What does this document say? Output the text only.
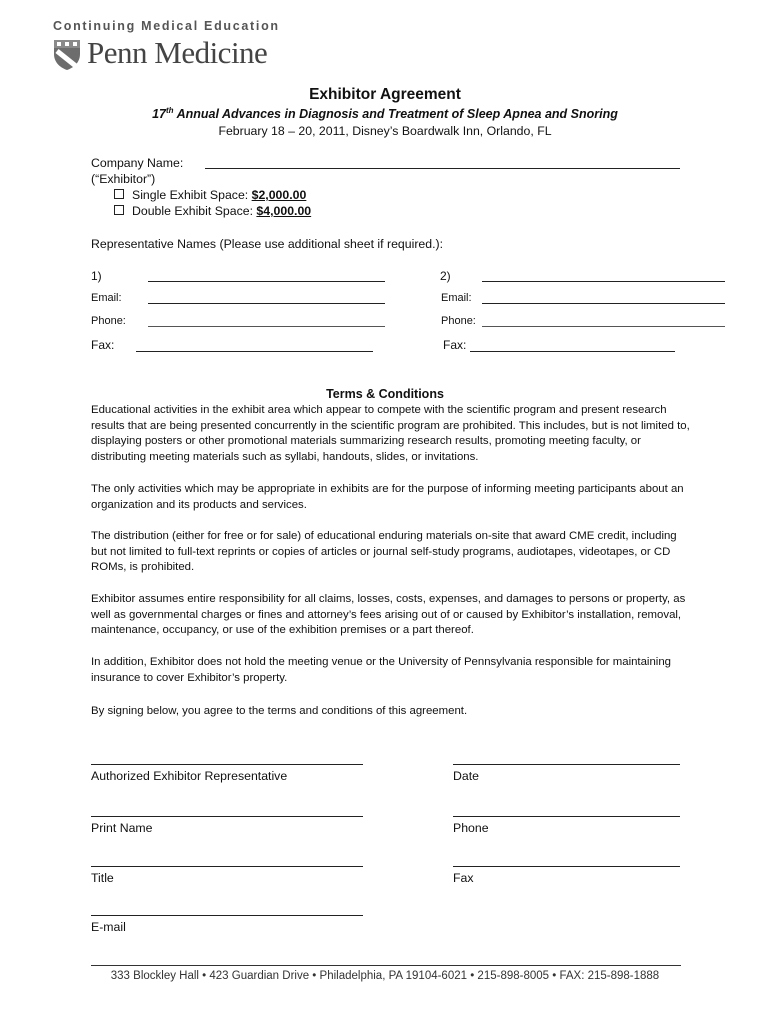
Continuing Medical Education
Penn Medicine
Exhibitor Agreement
17th Annual Advances in Diagnosis and Treatment of Sleep Apnea and Snoring
February 18 – 20, 2011, Disney’s Boardwalk Inn, Orlando, FL
Company Name:
(“Exhibitor”)
Single Exhibit Space: $2,000.00
Double Exhibit Space: $4,000.00
Representative Names (Please use additional sheet if required.):
1)	2)
Email:	Email:
Phone:	Phone:
Fax:	Fax:
Terms & Conditions

Educational activities in the exhibit area which appear to compete with the scientific program and present research results that are being presented concurrently in the scientific program are prohibited. This includes, but is not limited to, displaying posters or other promotional materials summarizing research results, promoting meeting faculty, or distributing meeting materials such as syllabi, handouts, slides, or invitations.

The only activities which may be appropriate in exhibits are for the purpose of informing meeting participants about an organization and its products and services.

The distribution (either for free or for sale) of educational enduring materials on-site that award CME credit, including but not limited to full-text reprints or copies of articles or journal self-study programs, audiotapes, videotapes, or CD ROMs, is prohibited.

Exhibitor assumes entire responsibility for all claims, losses, costs, expenses, and damages to persons or property, as well as governmental charges or fines and attorney’s fees arising out of or caused by Exhibitor’s installation, removal, maintenance, occupancy, or use of the exhibition premises or a part thereof.

In addition, Exhibitor does not hold the meeting venue or the University of Pennsylvania responsible for maintaining insurance to cover Exhibitor’s property.

By signing below, you agree to the terms and conditions of this agreement.

Authorized Exhibitor Representative	Date
Print Name	Phone
Title	Fax
E-mail
333 Blockley Hall • 423 Guardian Drive • Philadelphia, PA 19104-6021 • 215-898-8005 • FAX: 215-898-1888
